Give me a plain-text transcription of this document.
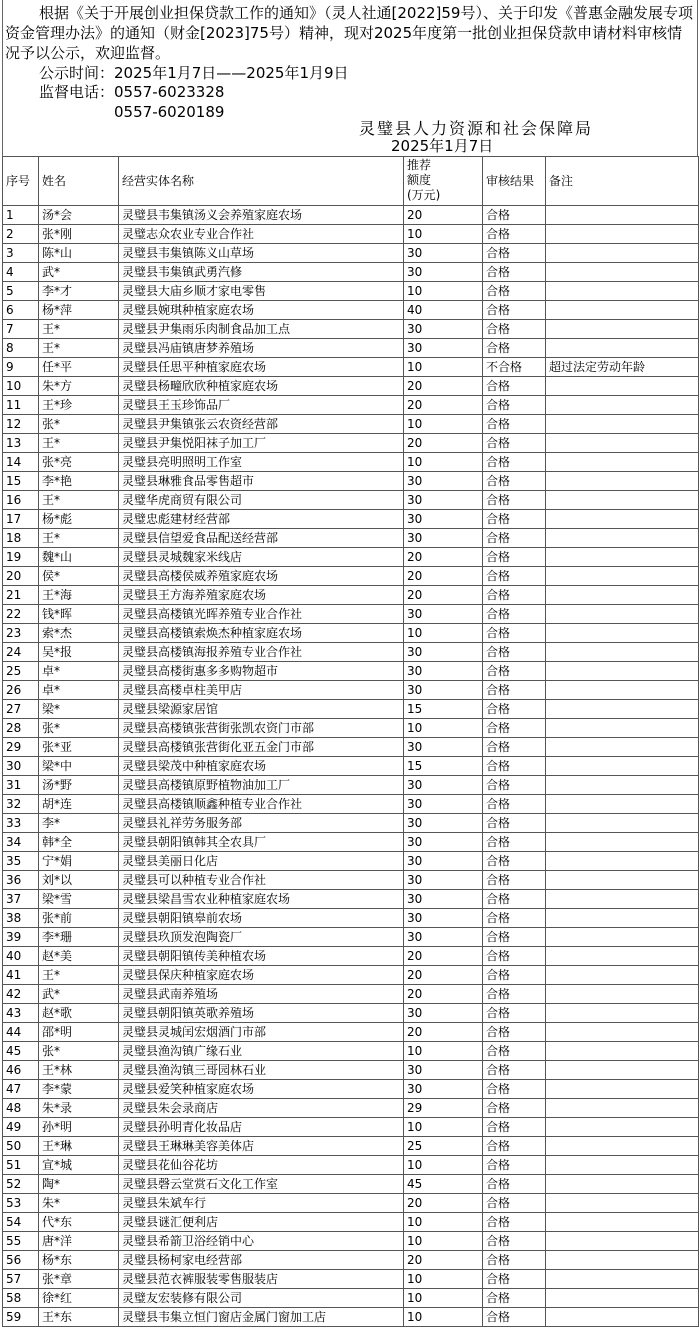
根据《关于开展创业担保贷款工作的通知》（灵人社通[2022]59号）、关于印发《普惠金融发展专项资金管理办法》的通知（财金[2023]75号）精神，现对2025年度第一批创业担保贷款申请材料审核情况予以公示，欢迎监督。

公示时间：2025年1月7日——2025年1月9日
监督电话： 0557-6023328
0557-6020189
灵璧县人力资源和社会保障局
2025年1月7日
序号	姓名	经营实体名称	推荐
额度
(万元)	审核结果	备注
1	汤*会	灵璧县韦集镇汤义会养殖家庭农场	20	合格	
2	张*刚	灵璧志众农业专业合作社	10	合格	
3	陈*山	灵璧县韦集镇陈义山草场	30	合格	
4	武*	灵璧县韦集镇武勇汽修	30	合格	
5	李*才	灵璧县大庙乡顺才家电零售	10	合格	
6	杨*萍	灵璧县婉琪种植家庭农场	40	合格	
7	王*	灵璧县尹集雨乐肉制食品加工点	30	合格	
8	王*	灵璧县冯庙镇唐梦养殖场	30	合格	
9	任*平	灵璧县任思平种植家庭农场	10	不合格	超过法定劳动年龄
10	朱*方	灵璧县杨疃欣欣种植家庭农场	20	合格	
11	王*珍	灵璧县王玉珍饰品厂	20	合格	
12	张*	灵璧县尹集镇张云农资经营部	10	合格	
13	王*	灵璧县尹集悦阳袜子加工厂	20	合格	
14	张*亮	灵璧县亮明照明工作室	10	合格	
15	李*艳	灵璧县琳雅食品零售超市	30	合格	
16	王*	灵璧华虎商贸有限公司	30	合格	
17	杨*彪	灵璧忠彪建材经营部	30	合格	
18	王*	灵璧县信望爱食品配送经营部	30	合格	
19	魏*山	灵璧县灵城魏家米线店	20	合格	
20	侯*	灵璧县高楼侯威养殖家庭农场	20	合格	
21	王*海	灵璧县王方海养殖家庭农场	20	合格	
22	钱*晖	灵璧县高楼镇光晖养殖专业合作社	30	合格	
23	索*杰	灵璧县高楼镇索焕杰种植家庭农场	10	合格	
24	吴*报	灵璧县高楼镇海报养殖专业合作社	30	合格	
25	卓*	灵璧县高楼街惠多多购物超市	30	合格	
26	卓*	灵璧县高楼卓柱美甲店	30	合格	
27	梁*	灵璧县梁源家居馆	15	合格	
28	张*	灵璧县高楼镇张营街张凯农资门市部	10	合格	
29	张*亚	灵璧县高楼镇张营街化亚五金门市部	30	合格	
30	梁*中	灵璧县梁茂中种植家庭农场	15	合格	
31	汤*野	灵璧县高楼镇原野植物油加工厂	30	合格	
32	胡*连	灵璧县高楼镇顺鑫种植专业合作社	30	合格	
33	李*	灵璧县礼祥劳务服务部	30	合格	
34	韩*全	灵璧县朝阳镇韩其全农具厂	30	合格	
35	宁*娟	灵璧县美丽日化店	30	合格	
36	刘*以	灵璧县可以种植专业合作社	30	合格	
37	梁*雪	灵璧县梁昌雪农业种植家庭农场	30	合格	
38	张*前	灵璧县朝阳镇皋前农场	30	合格	
39	李*珊	灵璧县玖顶发泡陶瓷厂	30	合格	
40	赵*美	灵璧县朝阳镇传美种植农场	20	合格	
41	王*	灵璧县保庆种植家庭农场	20	合格	
42	武*	灵璧县武南养殖场	20	合格	
43	赵*歌	灵璧县朝阳镇英歌养殖场	30	合格	
44	邵*明	灵璧县灵城闰宏烟酒门市部	20	合格	
45	张*	灵璧县渔沟镇广缘石业	10	合格	
46	王*林	灵璧县渔沟镇三哥园林石业	30	合格	
47	李*蒙	灵璧县爱笑种植家庭农场	30	合格	
48	朱*录	灵璧县朱会录商店	29	合格	
49	孙*明	灵璧县孙明青化妆品店	10	合格	
50	王*琳	灵璧县王琳琳美容美体店	25	合格	
51	宣*城	灵璧县花仙谷花坊	10	合格	
52	陶*	灵璧县磬云堂赏石文化工作室	45	合格	
53	朱*	灵璧县朱斌车行	20	合格	
54	代*东	灵璧县谜汇便利店	10	合格	
55	唐*洋	灵璧县希箭卫浴经销中心	10	合格	
56	杨*东	灵璧县杨柯家电经营部	20	合格	
57	张*章	灵璧县范衣裤服装零售服装店	10	合格	
58	徐*红	灵璧友宏装修有限公司	10	合格	
59	王*东	灵璧县韦集立恒门窗店金属门窗加工店	10	合格	
